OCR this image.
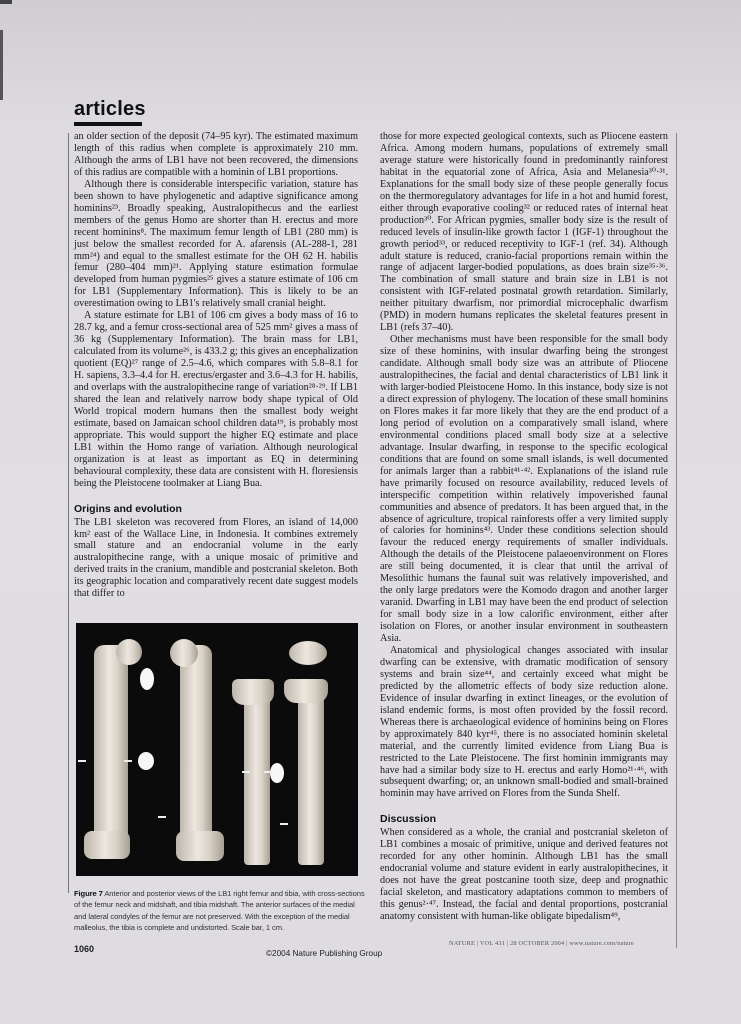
articles

an older section of the deposit (74–95 kyr). The estimated maximum length of this radius when complete is approximately 210 mm. Although the arms of LB1 have not been recovered, the dimensions of this radius are compatible with a hominin of LB1 proportions.

Although there is considerable interspecific variation, stature has been shown to have phylogenetic and adaptive significance among hominins²³. Broadly speaking, Australopithecus and the earliest members of the genus Homo are shorter than H. erectus and more recent hominins⁸. The maximum femur length of LB1 (280 mm) is just below the smallest recorded for A. afarensis (AL-288-1, 281 mm²⁴) and equal to the smallest estimate for the OH 62 H. habilis femur (280–404 mm)²¹. Applying stature estimation formulae developed from human pygmies²⁵ gives a stature estimate of 106 cm for LB1 (Supplementary Information). This is likely to be an overestimation owing to LB1's relatively small cranial height.

A stature estimate for LB1 of 106 cm gives a body mass of 16 to 28.7 kg, and a femur cross-sectional area of 525 mm² gives a mass of 36 kg (Supplementary Information). The brain mass for LB1, calculated from its volume²⁶, is 433.2 g; this gives an encephalization quotient (EQ)²⁷ range of 2.5–4.6, which compares with 5.8–8.1 for H. sapiens, 3.3–4.4 for H. erectus/ergaster and 3.6–4.3 for H. habilis, and overlaps with the australopithecine range of variation²⁸·²⁹. If LB1 shared the lean and relatively narrow body shape typical of Old World tropical modern humans then the smallest body weight estimate, based on Jamaican school children data¹⁹, is probably most appropriate. This would support the higher EQ estimate and place LB1 within the Homo range of variation. Although neurological organization is at least as important as EQ in determining behavioural complexity, these data are consistent with H. floresiensis being the Pleistocene toolmaker at Liang Bua.

Origins and evolution

The LB1 skeleton was recovered from Flores, an island of 14,000 km² east of the Wallace Line, in Indonesia. It combines extremely small stature and an endocranial volume in the early australopithecine range, with a unique mosaic of primitive and derived traits in the cranium, mandible and postcranial skeleton. Both its geographic location and comparatively recent date suggest models that differ to

Figure 7 Anterior and posterior views of the LB1 right femur and tibia, with cross-sections of the femur neck and midshaft, and tibia midshaft. The anterior surfaces of the medial and lateral condyles of the femur are not preserved. With the exception of the medial malleolus, the tibia is complete and undistorted. Scale bar, 1 cm.

those for more expected geological contexts, such as Pliocene eastern Africa. Among modern humans, populations of extremely small average stature were historically found in predominantly rainforest habitat in the equatorial zone of Africa, Asia and Melanesia³⁰·³¹. Explanations for the small body size of these people generally focus on the thermoregulatory advantages for life in a hot and humid forest, either through evaporative cooling³² or reduced rates of internal heat production³⁰. For African pygmies, smaller body size is the result of reduced levels of insulin-like growth factor 1 (IGF-1) throughout the growth period³³, or reduced receptivity to IGF-1 (ref. 34). Although adult stature is reduced, cranio-facial proportions remain within the range of adjacent larger-bodied populations, as does brain size³⁵·³⁶. The combination of small stature and brain size in LB1 is not consistent with IGF-related postnatal growth retardation. Similarly, neither pituitary dwarfism, nor primordial microcephalic dwarfism (PMD) in modern humans replicates the skeletal features present in LB1 (refs 37–40).

Other mechanisms must have been responsible for the small body size of these hominins, with insular dwarfing being the strongest candidate. Although small body size was an attribute of Pliocene australopithecines, the facial and dental characteristics of LB1 link it with larger-bodied Pleistocene Homo. In this instance, body size is not a direct expression of phylogeny. The location of these small hominins on Flores makes it far more likely that they are the end product of a long period of evolution on a comparatively small island, where environmental conditions placed small body size at a selective advantage. Insular dwarfing, in response to the specific ecological conditions that are found on some small islands, is well documented for animals larger than a rabbit⁴¹·⁴². Explanations of the island rule have primarily focused on resource availability, reduced levels of interspecific competition within relatively impoverished faunal communities and absence of predators. It has been argued that, in the absence of agriculture, tropical rainforests offer a very limited supply of calories for hominins⁴³. Under these conditions selection should favour the reduced energy requirements of smaller individuals. Although the details of the Pleistocene palaeoenvironment on Flores are still being documented, it is clear that until the arrival of Mesolithic humans the faunal suit was relatively impoverished, and the only large predators were the Komodo dragon and another larger varanid. Dwarfing in LB1 may have been the end product of selection for small body size in a low calorific environment, either after isolation on Flores, or another insular environment in southeastern Asia.

Anatomical and physiological changes associated with insular dwarfing can be extensive, with dramatic modification of sensory systems and brain size⁴⁴, and certainly exceed what might be predicted by the allometric effects of body size reduction alone. Evidence of insular dwarfing in extinct lineages, or the evolution of island endemic forms, is most often provided by the fossil record. Whereas there is archaeological evidence of hominins being on Flores by approximately 840 kyr⁴⁵, there is no associated hominin skeletal material, and the currently limited evidence from Liang Bua is restricted to the Late Pleistocene. The first hominin immigrants may have had a similar body size to H. erectus and early Homo²¹·⁴⁶, with subsequent dwarfing; or, an unknown small-bodied and small-brained hominin may have arrived on Flores from the Sunda Shelf.

Discussion

When considered as a whole, the cranial and postcranial skeleton of LB1 combines a mosaic of primitive, unique and derived features not recorded for any other hominin. Although LB1 has the small endocranial volume and stature evident in early australopithecines, it does not have the great postcanine tooth size, deep and prognathic facial skeleton, and masticatory adaptations common to members of this genus²·⁴⁷. Instead, the facial and dental proportions, postcranial anatomy consistent with human-like obligate bipedalism⁴⁹,

1060	©2004 Nature Publishing Group
NATURE | VOL 431 | 28 OCTOBER 2004 | www.nature.com/nature
